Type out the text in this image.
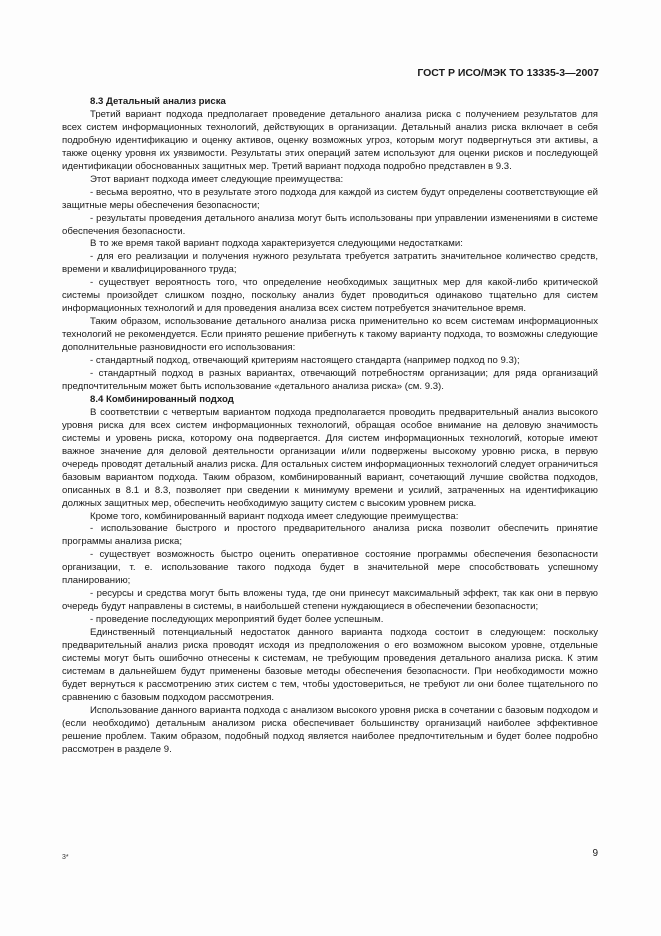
ГОСТ Р ИСО/МЭК ТО 13335-3—2007
8.3 Детальный анализ риска

Третий вариант подхода предполагает проведение детального анализа риска с получением результатов для всех систем информационных технологий, действующих в организации. Детальный анализ риска включает в себя подробную идентификацию и оценку активов, оценку возможных угроз, которым могут подвергнуться эти активы, а также оценку уровня их уязвимости. Результаты этих операций затем используют для оценки рисков и последующей идентификации обоснованных защитных мер. Третий вариант подхода подробно представлен в 9.3.

Этот вариант подхода имеет следующие преимущества:

- весьма вероятно, что в результате этого подхода для каждой из систем будут определены соответствующие ей защитные меры обеспечения безопасности;

- результаты проведения детального анализа могут быть использованы при управлении изменениями в системе обеспечения безопасности.

В то же время такой вариант подхода характеризуется следующими недостатками:

- для его реализации и получения нужного результата требуется затратить значительное количество средств, времени и квалифицированного труда;

- существует вероятность того, что определение необходимых защитных мер для какой-либо критической системы произойдет слишком поздно, поскольку анализ будет проводиться одинаково тщательно для систем информационных технологий и для проведения анализа всех систем потребуется значительное время.

Таким образом, использование детального анализа риска применительно ко всем системам информационных технологий не рекомендуется. Если принято решение прибегнуть к такому варианту подхода, то возможны следующие дополнительные разновидности его использования:

- стандартный подход, отвечающий критериям настоящего стандарта (например подход по 9.3);

- стандартный подход в разных вариантах, отвечающий потребностям организации; для ряда организаций предпочтительным может быть использование «детального анализа риска» (см. 9.3).

8.4 Комбинированный подход

В соответствии с четвертым вариантом подхода предполагается проводить предварительный анализ высокого уровня риска для всех систем информационных технологий, обращая особое внимание на деловую значимость системы и уровень риска, которому она подвергается. Для систем информационных технологий, которые имеют важное значение для деловой деятельности организации и/или подвержены высокому уровню риска, в первую очередь проводят детальный анализ риска. Для остальных систем информационных технологий следует ограничиться базовым вариантом подхода. Таким образом, комбинированный вариант, сочетающий лучшие свойства подходов, описанных в 8.1 и 8.3, позволяет при сведении к минимуму времени и усилий, затраченных на идентификацию должных защитных мер, обеспечить необходимую защиту систем с высоким уровнем риска.

Кроме того, комбинированный вариант подхода имеет следующие преимущества:

- использование быстрого и простого предварительного анализа риска позволит обеспечить принятие программы анализа риска;

- существует возможность быстро оценить оперативное состояние программы обеспечения безопасности организации, т. е. использование такого подхода будет в значительной мере способствовать успешному планированию;

- ресурсы и средства могут быть вложены туда, где они принесут максимальный эффект, так как они в первую очередь будут направлены в системы, в наибольшей степени нуждающиеся в обеспечении безопасности;

- проведение последующих мероприятий будет более успешным.

Единственный потенциальный недостаток данного варианта подхода состоит в следующем: поскольку предварительный анализ риска проводят исходя из предположения о его возможном высоком уровне, отдельные системы могут быть ошибочно отнесены к системам, не требующим проведения детального анализа риска. К этим системам в дальнейшем будут применены базовые методы обеспечения безопасности. При необходимости можно будет вернуться к рассмотрению этих систем с тем, чтобы удостовериться, не требуют ли они более тщательного по сравнению с базовым подходом рассмотрения.

Использование данного варианта подхода с анализом высокого уровня риска в сочетании с базовым подходом и (если необходимо) детальным анализом риска обеспечивает большинству организаций наиболее эффективное решение проблем. Таким образом, подобный подход является наиболее предпочтительным и будет более подробно рассмотрен в разделе 9.

3*	9
